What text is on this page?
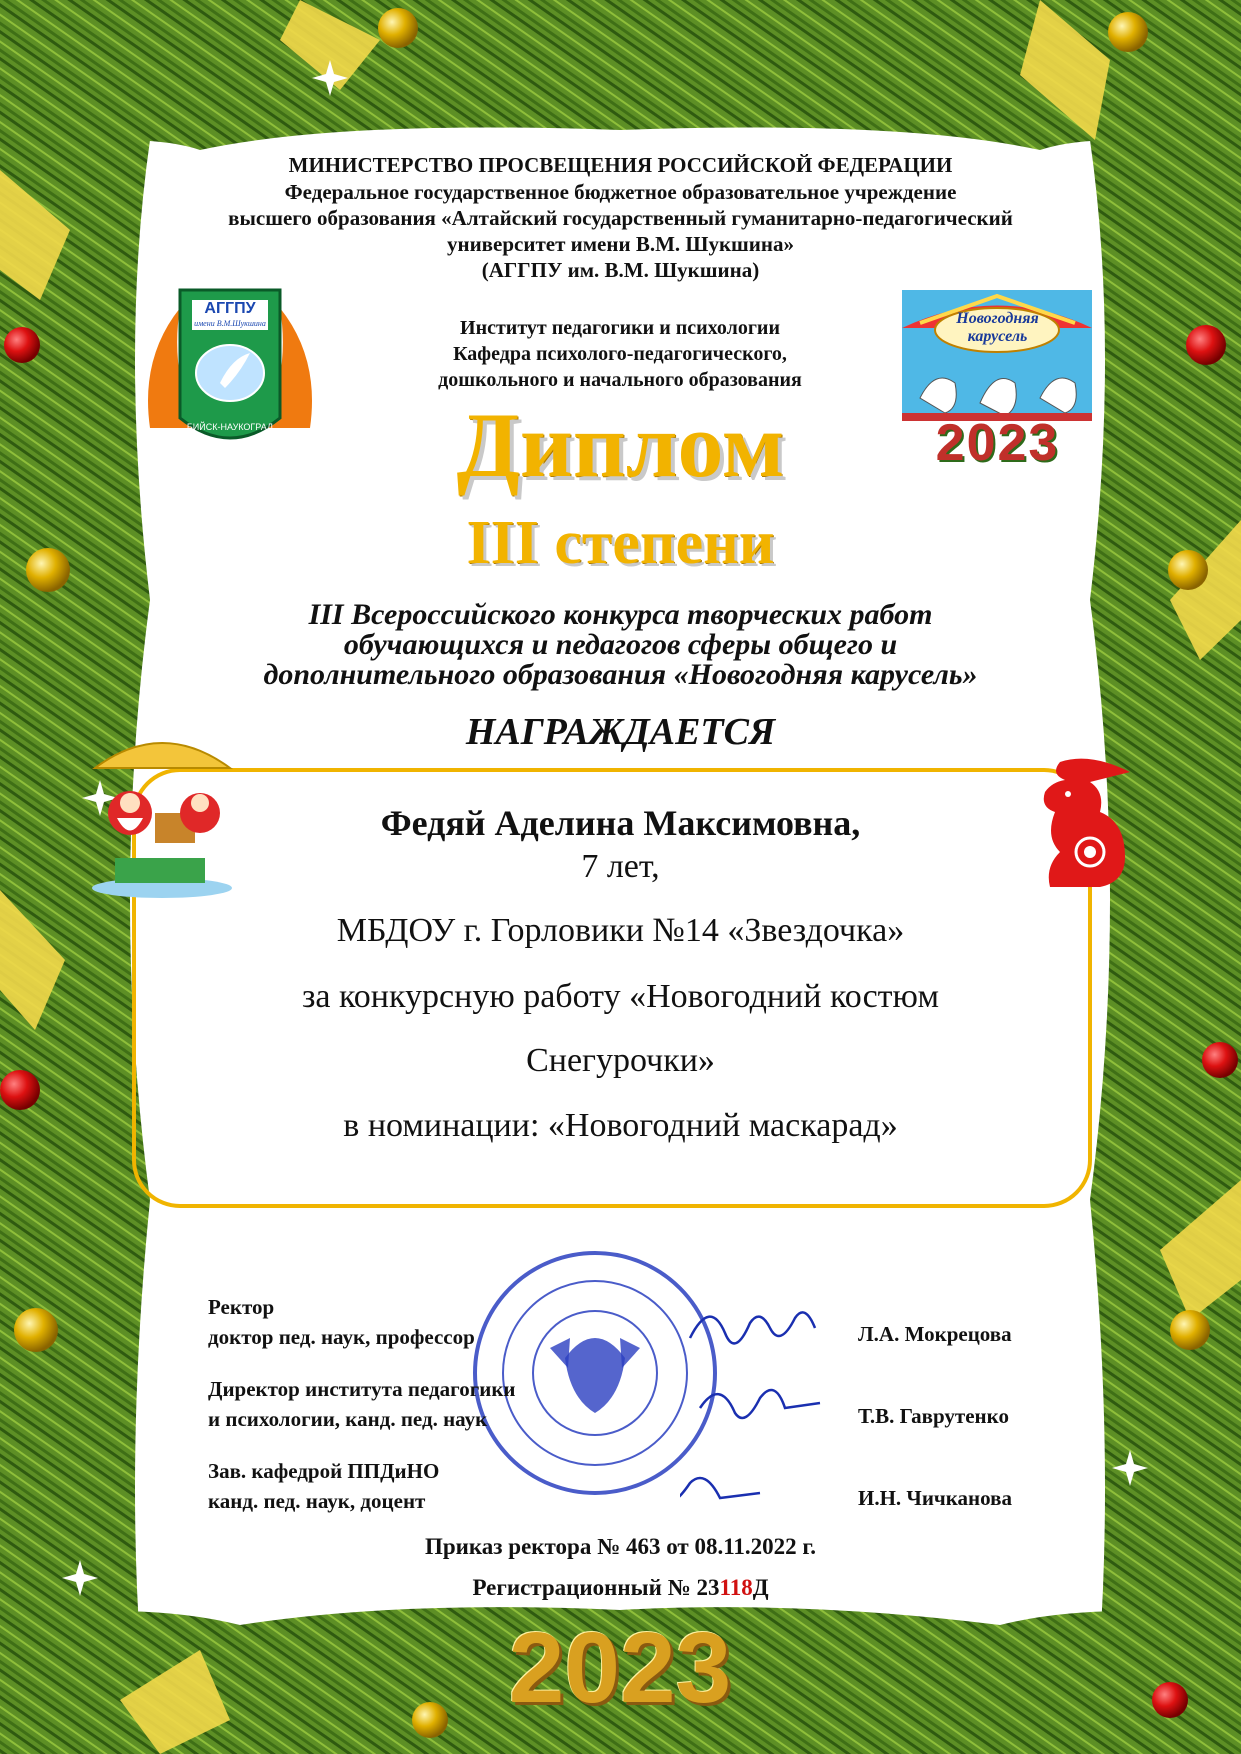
МИНИСТЕРСТВО ПРОСВЕЩЕНИЯ РОССИЙСКОЙ ФЕДЕРАЦИИ
Федеральное государственное бюджетное образовательное учреждение
высшего образования «Алтайский государственный гуманитарно-педагогический
университет имени В.М. Шукшина»
(АГГПУ им. В.М. Шукшина)
АГГПУ
имени В.М.Шукшина
БИЙСК-НАУКОГРАД
Институт педагогики и психологии
Кафедра психолого-педагогического,
дошкольного и начального образования
Новогодняя
карусель
2023
Диплом
III степени
III Всероссийского конкурса творческих работ
обучающихся и педагогов сферы общего и
дополнительного образования «Новогодняя карусель»
НАГРАЖДАЕТСЯ
Федяй Аделина Максимовна,
7 лет,
МБДОУ г. Горловики №14 «Звездочка»
за конкурсную работу «Новогодний костюм
Снегурочки»
в номинации: «Новогодний маскарад»
Ректор
доктор пед. наук, профессор	Л.А. Мокрецова
Директор института педагогики
и психологии, канд. пед. наук	Т.В. Гаврутенко
Зав. кафедрой ППДиНО
канд. пед. наук, доцент	И.Н. Чичканова
Приказ ректора № 463 от 08.11.2022 г.
Регистрационный № 23118Д
2023
